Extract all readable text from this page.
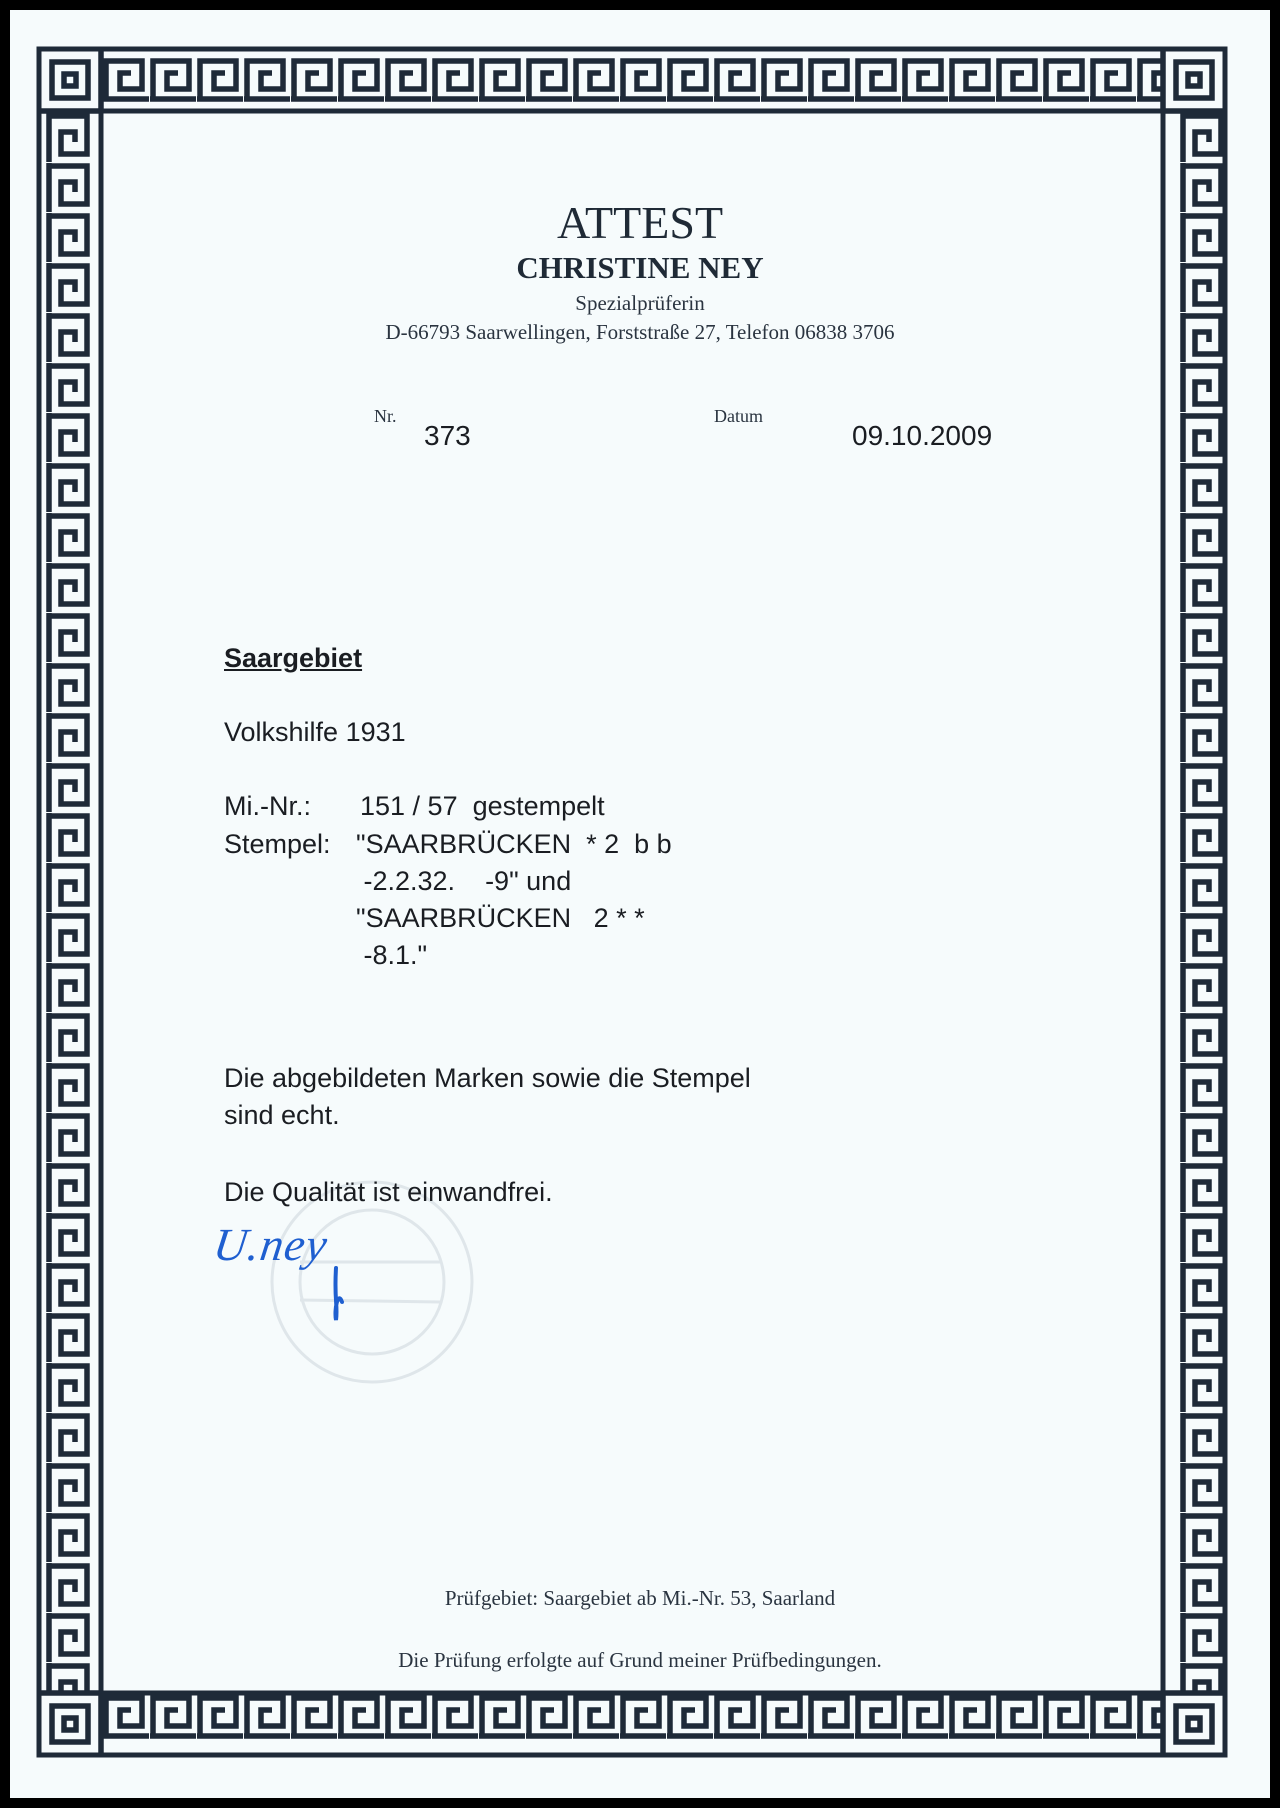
ATTEST
CHRISTINE NEY
Spezialprüferin
D-66793 Saarwellingen, Forststraße 27, Telefon 06838 3706
Nr.
373
Datum
09.10.2009
Saargebiet
Volkshilfe 1931
Mi.-Nr.: 151 / 57  gestempelt
Stempel: "SAARBRÜCKEN  * 2  b b
-2.2.32.    -9" und
"SAARBRÜCKEN   2 * *
-8.1."
Die abgebildeten Marken sowie die Stempel
sind echt.
Die Qualität ist einwandfrei.
U.ney
Prüfgebiet: Saargebiet ab Mi.-Nr. 53, Saarland
Die Prüfung erfolgte auf Grund meiner Prüfbedingungen.
